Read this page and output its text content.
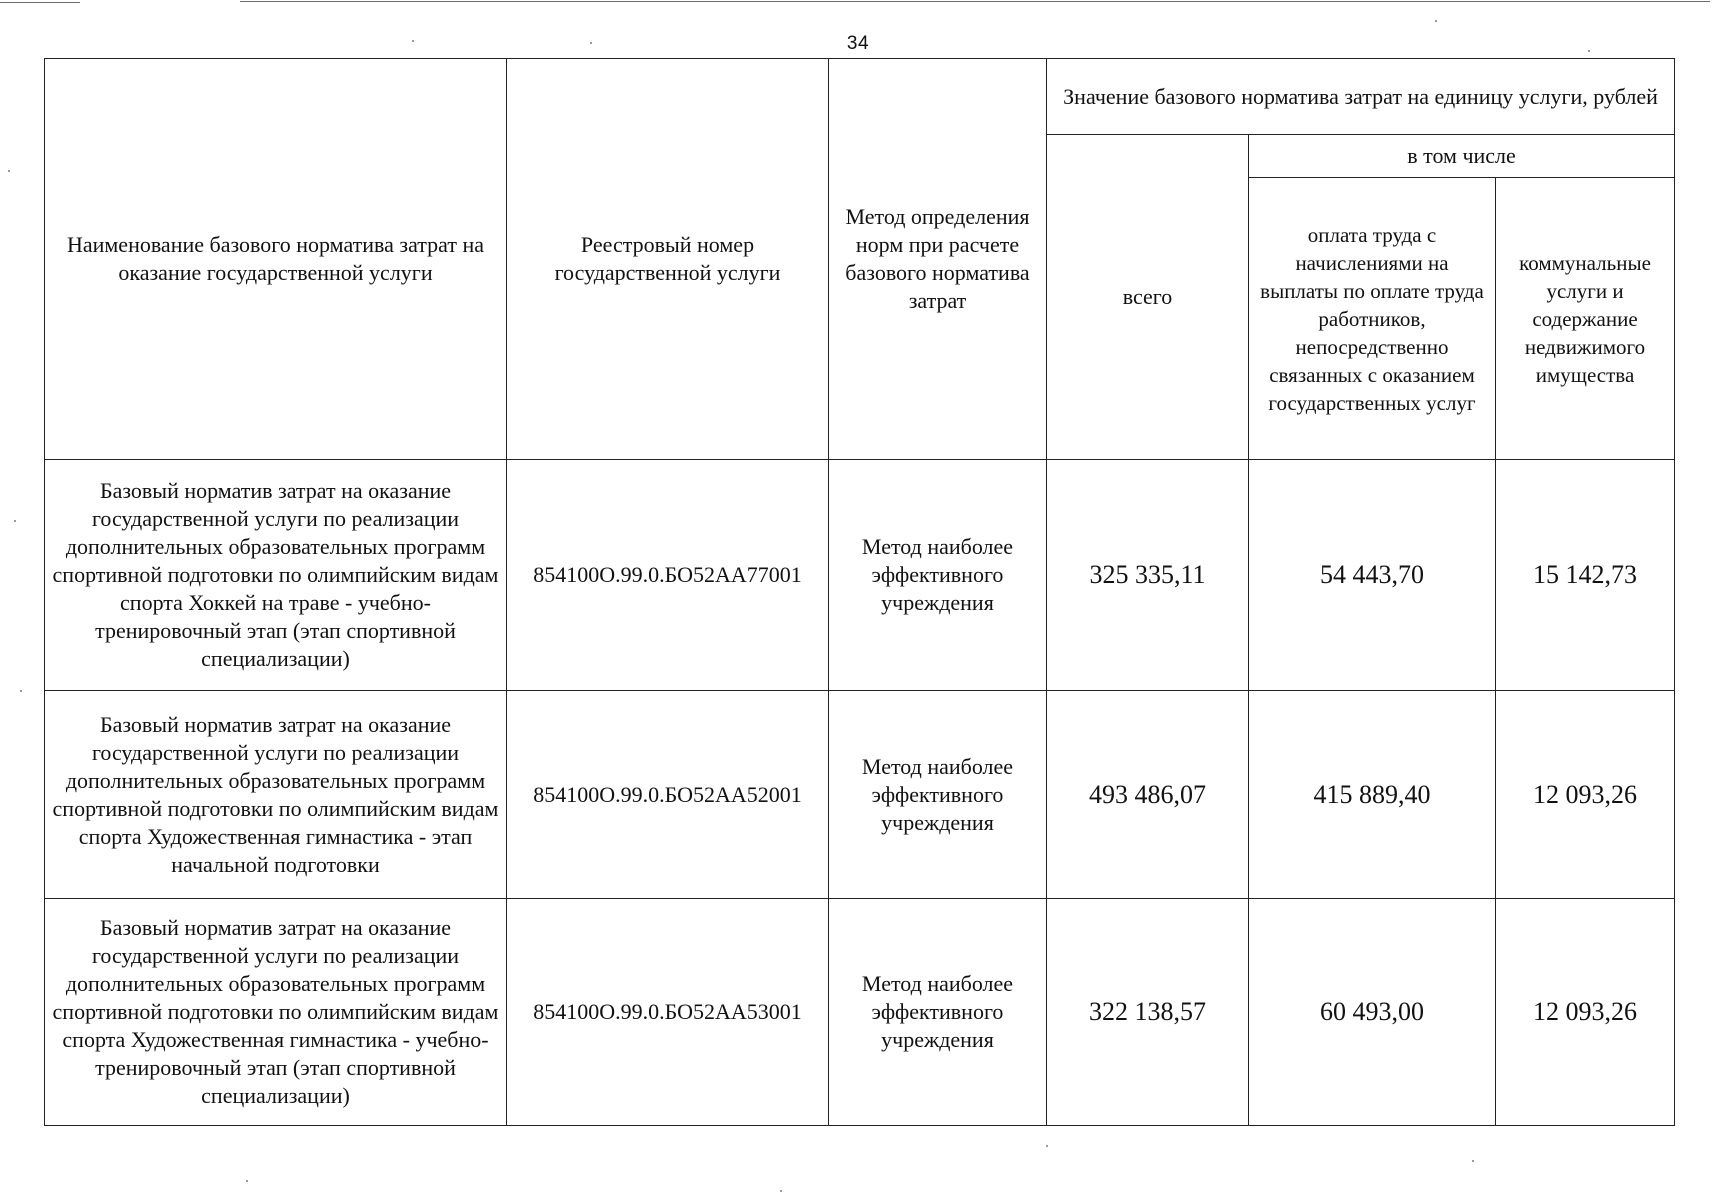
34
Наименование базового норматива затрат на оказание государственной услуги	Реестровый номер государственной услуги	Метод определения норм при расчете базового норматива затрат	Значение базового норматива затрат на единицу услуги, рублей		
			всего	в том числе	
				оплата труда с начислениями на выплаты по оплате труда работников, непосредственно связанных с оказанием государственных услуг	коммунальные услуги и содержание недвижимого имущества
Базовый норматив затрат на оказание государственной услуги по реализации дополнительных образовательных программ спортивной подготовки по олимпийским видам спорта Хоккей на траве - учебно-тренировочный этап (этап спортивной специализации)	854100О.99.0.БО52АА77001	Метод наиболее эффективного учреждения	325 335,11	54 443,70	15 142,73
Базовый норматив затрат на оказание государственной услуги по реализации дополнительных образовательных программ спортивной подготовки по олимпийским видам спорта Художественная гимнастика - этап начальной подготовки	854100О.99.0.БО52АА52001	Метод наиболее эффективного учреждения	493 486,07	415 889,40	12 093,26
Базовый норматив затрат на оказание государственной услуги по реализации дополнительных образовательных программ спортивной подготовки по олимпийским видам спорта Художественная гимнастика - учебно-тренировочный этап (этап спортивной специализации)	854100О.99.0.БО52АА53001	Метод наиболее эффективного учреждения	322 138,57	60 493,00	12 093,26
